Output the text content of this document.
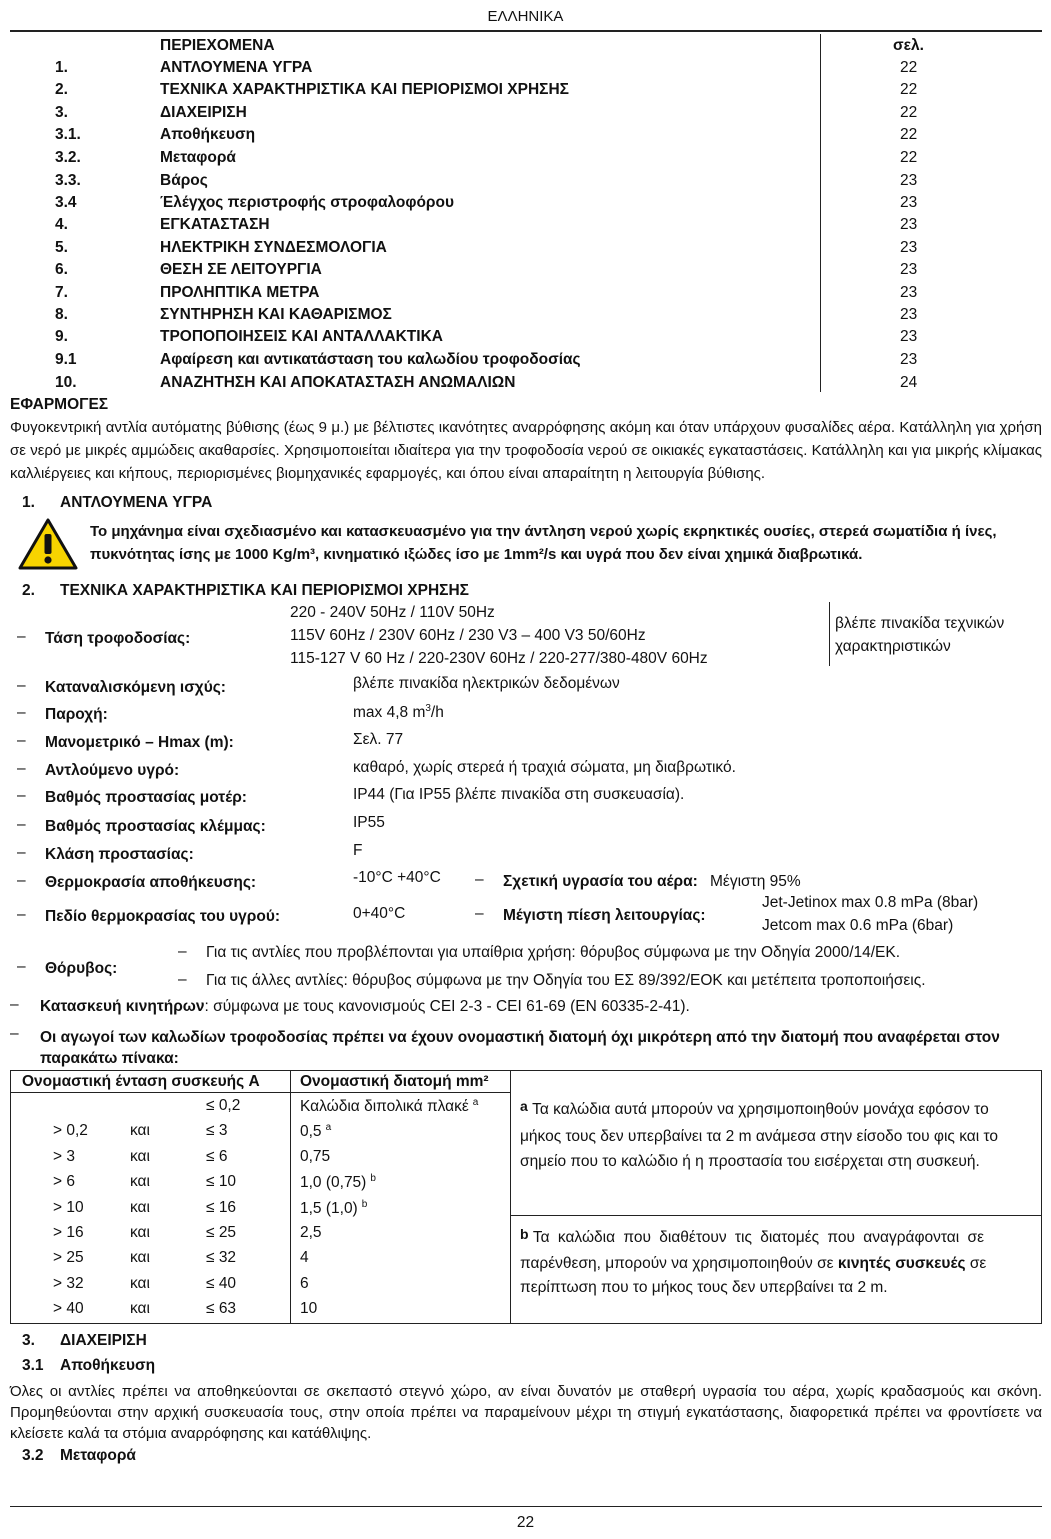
ΕΛΛΗΝΙΚΑ
ΠΕΡΙΕΧΟΜΕΝΑ	σελ.
1.	ΑΝΤΛΟΥΜΕΝΑ ΥΓΡΑ	22
2.	ΤΕΧΝΙΚΑ ΧΑΡΑΚΤΗΡΙΣΤΙΚΑ ΚΑΙ ΠΕΡΙΟΡΙΣΜΟΙ ΧΡΗΣΗΣ	22
3.	ΔΙΑΧΕΙΡΙΣΗ	22
3.1.	Αποθήκευση	22
3.2.	Μεταφορά	22
3.3.	Βάρος	23
3.4	Έλέγχος περιστροφής στροφαλοφόρου	23
4.	ΕΓΚΑΤΑΣΤΑΣΗ	23
5.	ΗΛΕΚΤΡΙΚΗ ΣΥΝΔΕΣΜΟΛΟΓΙΑ	23
6.	ΘΕΣΗ ΣΕ ΛΕΙΤΟΥΡΓΙΑ	23
7.	ΠΡΟΛΗΠΤΙΚΑ ΜΕΤΡΑ	23
8.	ΣΥΝΤΗΡΗΣΗ ΚΑΙ ΚΑΘΑΡΙΣΜΟΣ	23
9.	ΤΡΟΠΟΠΟΙΗΣΕΙΣ ΚΑΙ ΑΝΤΑΛΛΑΚΤΙΚΑ	23
9.1	Αφαίρεση και αντικατάσταση του καλωδίου τροφοδοσίας	23
10.	ΑΝΑΖΗΤΗΣΗ ΚΑΙ ΑΠΟΚΑΤΑΣΤΑΣΗ ΑΝΩΜΑΛΙΩΝ	24
ΕΦΑΡΜΟΓΕΣ
Φυγοκεντρική αντλία αυτόματης βύθισης (έως 9 μ.) με βέλτιστες ικανότητες αναρρόφησης ακόμη και όταν υπάρχουν φυσαλίδες αέρα. Κατάλληλη για χρήση σε νερό με μικρές αμμώδεις ακαθαρσίες. Χρησιμοποιείται ιδιαίτερα για την τροφοδοσία νερού σε οικιακές εγκαταστάσεις. Κατάλληλη και για μικρής κλίμακας καλλιέργειες και κήπους, περιορισμένες βιομηχανικές εφαρμογές, και όπου είναι απαραίτητη η λειτουργία βύθισης.
1. ΑΝΤΛΟΥΜΕΝΑ ΥΓΡΑ
Το μηχάνημα είναι σχεδιασμένο και κατασκευασμένο για την άντληση νερού χωρίς εκρηκτικές ουσίες, στερεά σωματίδια ή ίνες, πυκνότητας ίσης με 1000 Kg/m³, κινηματικό ιξώδες ίσο με 1mm²/s και υγρά που δεν είναι χημικά διαβρωτικά.
2. ΤΕΧΝΙΚΑ ΧΑΡΑΚΤΗΡΙΣΤΙΚΑ ΚΑΙ ΠΕΡΙΟΡΙΣΜΟΙ ΧΡΗΣΗΣ
– Τάση τροφοδοσίας:
220 - 240V 50Hz / 110V 50Hz
115V 60Hz / 230V 60Hz / 230 V3 – 400 V3 50/60Hz
115-127 V 60 Hz / 220-230V 60Hz / 220-277/380-480V 60Hz
βλέπε πινακίδα τεχνικών
χαρακτηριστικών
– Καταναλισκόμενη ισχύς:	βλέπε πινακίδα ηλεκτρικών δεδομένων
– Παροχή:	max 4,8 $m^3/h$
– Μανομετρικό – Hmax (m):	Σελ. 77
– Αντλούμενο υγρό:	καθαρό, χωρίς στερεά ή τραχιά σώματα, μη διαβρωτικό.
– Βαθμός προστασίας μοτέρ:	IP44 (Για IP55 βλέπε πινακίδα στη συσκευασία).
– Βαθμός προστασίας κλέμμας:	IP55
– Κλάση προστασίας:	F
– Θερμοκρασία αποθήκευσης:	-10°C +40°C – Σχετική υγρασία του αέρα: Μέγιστη 95%
– Πεδίο θερμοκρασίας του υγρού:	0+40°C	– Μέγιστη πίεση λειτουργίας:
Jet-Jetinox max 0.8 mPa (8bar)
Jetcom max 0.6 mPa (6bar)
– Θόρυβος:
– Για τις αντλίες που προβλέπονται για υπαίθρια χρήση: θόρυβος σύμφωνα με την Οδηγία 2000/14/ΕΚ.
– Για τις άλλες αντλίες: θόρυβος σύμφωνα με την Οδηγία του ΕΣ 89/392/ΕΟΚ και μετέπειτα τροποποιήσεις.
– Κατασκευή κινητήρων: σύμφωνα με τους κανονισμούς CEI 2-3 - CEI 61-69 (EN 60335-2-41).
– Οι αγωγοί των καλωδίων τροφοδοσίας πρέπει να έχουν ονομαστική διατομή όχι μικρότερη από την διατομή που αναφέρεται στον παρακάτω πίνακα:
Ονομαστική ένταση συσκευής A	Ονομαστική διατομή mm²
≤ 0,2	Καλώδια διπολικά πλακέ $^a$
> 0,2	και	≤ 3	0,5 $^a$
> 3	και	≤ 6	0,75
> 6	και	≤ 10	1,0 (0,75) $^b$
> 10	και	≤ 16	1,5 (1,0) $^b$
> 16	και	≤ 25	2,5
> 25	και	≤ 32	4
> 32	και	≤ 40	6
> 40	και	≤ 63	10
a Τα καλώδια αυτά μπορούν να χρησιμοποιηθούν μονάχα εφόσον το
μήκος τους δεν υπερβαίνει τα 2 m ανάμεσα στην είσοδο του φις και το
σημείο που το καλώδιο ή η προστασία του εισέρχεται στη συσκευή.
b Τα καλώδια που διαθέτουν τις διατομές που αναγράφονται σε
παρένθεση, μπορούν να χρησιμοποιηθούν σε κινητές συσκευές σε
περίπτωση που το μήκος τους δεν υπερβαίνει τα 2 m.
3. ΔΙΑΧΕΙΡΙΣΗ
3.1 Αποθήκευση
Όλες οι αντλίες πρέπει να αποθηκεύονται σε σκεπαστό στεγνό χώρο, αν είναι δυνατόν με σταθερή υγρασία του αέρα, χωρίς κραδασμούς και σκόνη. Προμηθεύονται στην αρχική συσκευασία τους, στην οποία πρέπει να παραμείνουν μέχρι τη στιγμή εγκατάστασης, διαφορετικά πρέπει να φροντίσετε να κλείσετε καλά τα στόμια αναρρόφησης και κατάθλιψης.
3.2 Μεταφορά
22
